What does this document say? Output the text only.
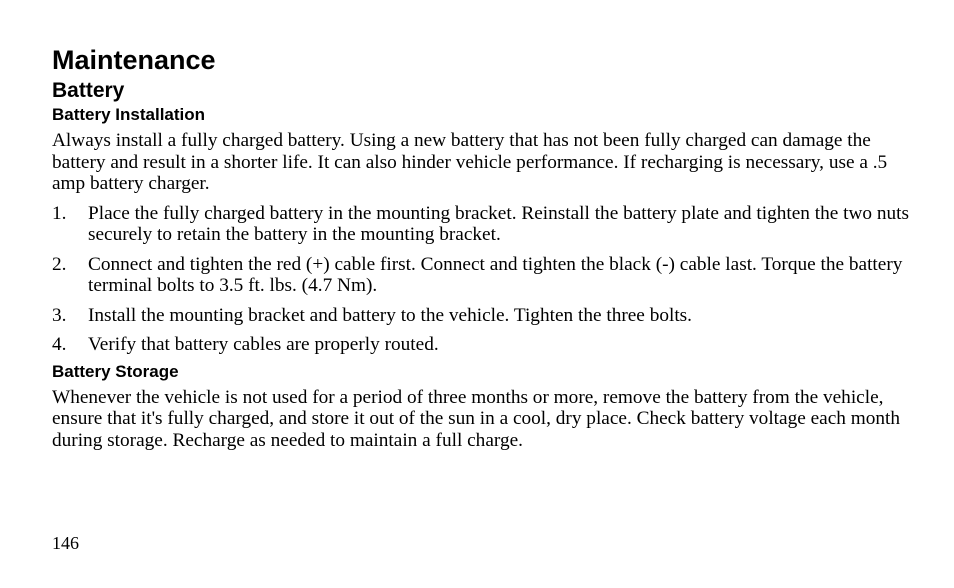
Maintenance
Battery
Battery Installation

Always install a fully charged battery. Using a new battery that has not been fully charged can damage the battery and result in a shorter life. It can also hinder vehicle performance. If recharging is necessary, use a .5 amp battery charger.

1.	Place the fully charged battery in the mounting bracket. Reinstall the battery plate and tighten the two nuts securely to retain the battery in the mounting bracket.
2.	Connect and tighten the red (+) cable first. Connect and tighten the black (-) cable last. Torque the battery terminal bolts to 3.5 ft. lbs. (4.7 Nm).
3.	Install the mounting bracket and battery to the vehicle. Tighten the three bolts.
4.	Verify that battery cables are properly routed.
Battery Storage

Whenever the vehicle is not used for a period of three months or more, remove the battery from the vehicle, ensure that it's fully charged, and store it out of the sun in a cool, dry place. Check battery voltage each month during storage. Recharge as needed to maintain a full charge.

146
